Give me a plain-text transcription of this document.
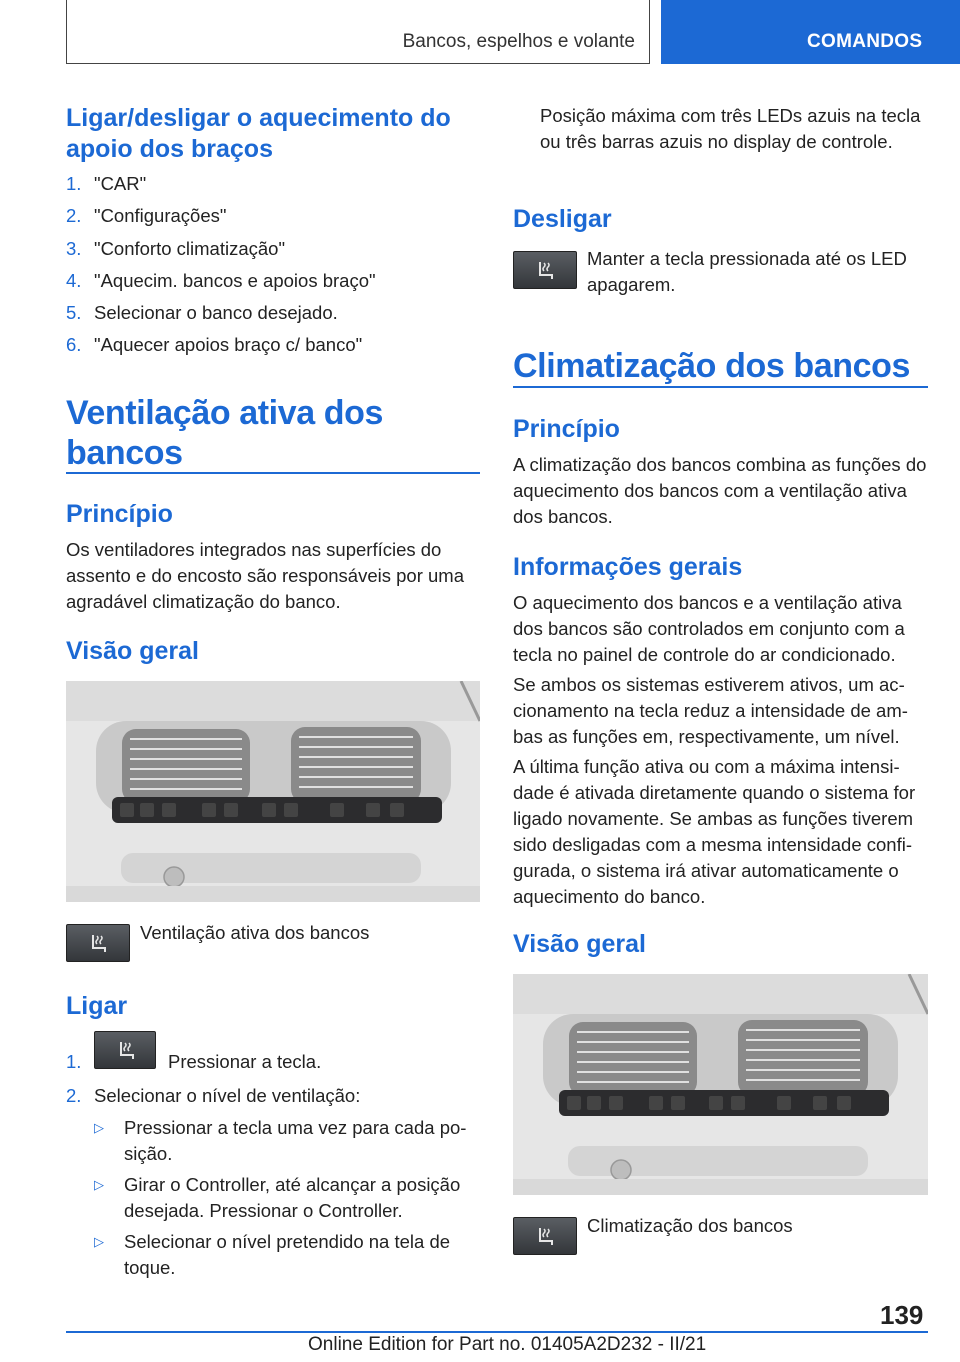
Bancos, espelhos e volante	COMANDOS
Ligar/desligar o aquecimento do apoio dos braços
1. "CAR"
2. "Configurações"
3. "Conforto climatização"
4. "Aquecim. bancos e apoios braço"
5. Selecionar o banco desejado.
6. "Aquecer apoios braço c/ banco"
Ventilação ativa dos bancos
Princípio
Os ventiladores integrados nas superfícies do assento e do encosto são responsáveis por uma agradável climatização do banco.
Visão geral
Ventilação ativa dos bancos
Ligar
1.	Pressionar a tecla.
2. Selecionar o nível de ventilação:
▷ Pressionar a tecla uma vez para cada posição.
▷ Girar o Controller, até alcançar a posição desejada. Pressionar o Controller.
▷ Selecionar o nível pretendido na tela de toque.
Posição máxima com três LEDs azuis na tecla ou três barras azuis no display de controle.
Desligar
Manter a tecla pressionada até os LED apagarem.
Climatização dos bancos
Princípio
A climatização dos bancos combina as funções do aquecimento dos bancos com a ventilação ativa dos bancos.
Informações gerais
O aquecimento dos bancos e a ventilação ativa dos bancos são controlados em conjunto com a tecla no painel de controle do ar condicionado.
Se ambos os sistemas estiverem ativos, um accionamento na tecla reduz a intensidade de ambas as funções em, respectivamente, um nível.
A última função ativa ou com a máxima intensidade é ativada diretamente quando o sistema for ligado novamente. Se ambas as funções tiverem sido desligadas com a mesma intensidade configurada, o sistema irá ativar automaticamente o aquecimento do banco.
Visão geral
Climatização dos bancos
139
Online Edition for Part no. 01405A2D232 - II/21
